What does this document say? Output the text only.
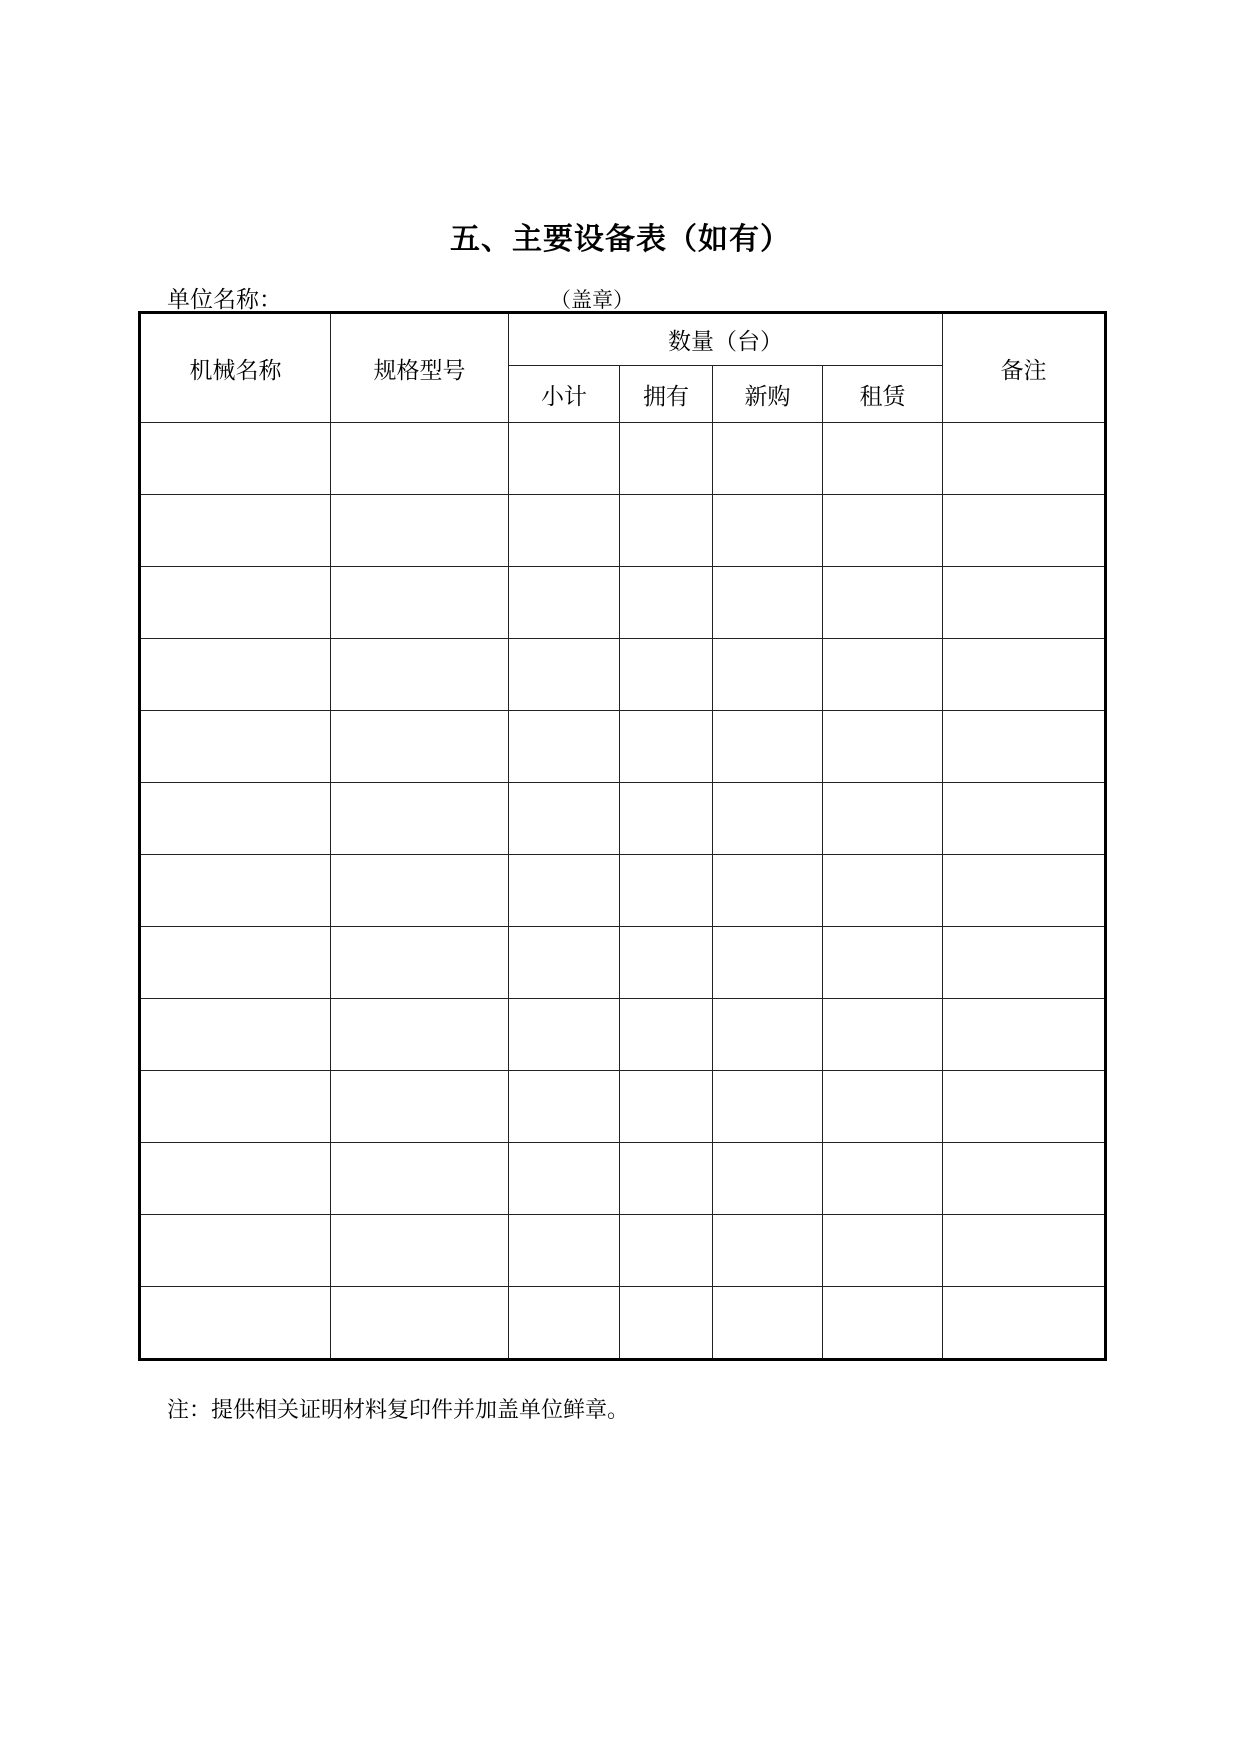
五、主要设备表（如有）
单位名称：	（盖章）
机械名称	规格型号	数量（台）				备注
		小计	拥有	新购	租赁	

注：提供相关证明材料复印件并加盖单位鲜章。
